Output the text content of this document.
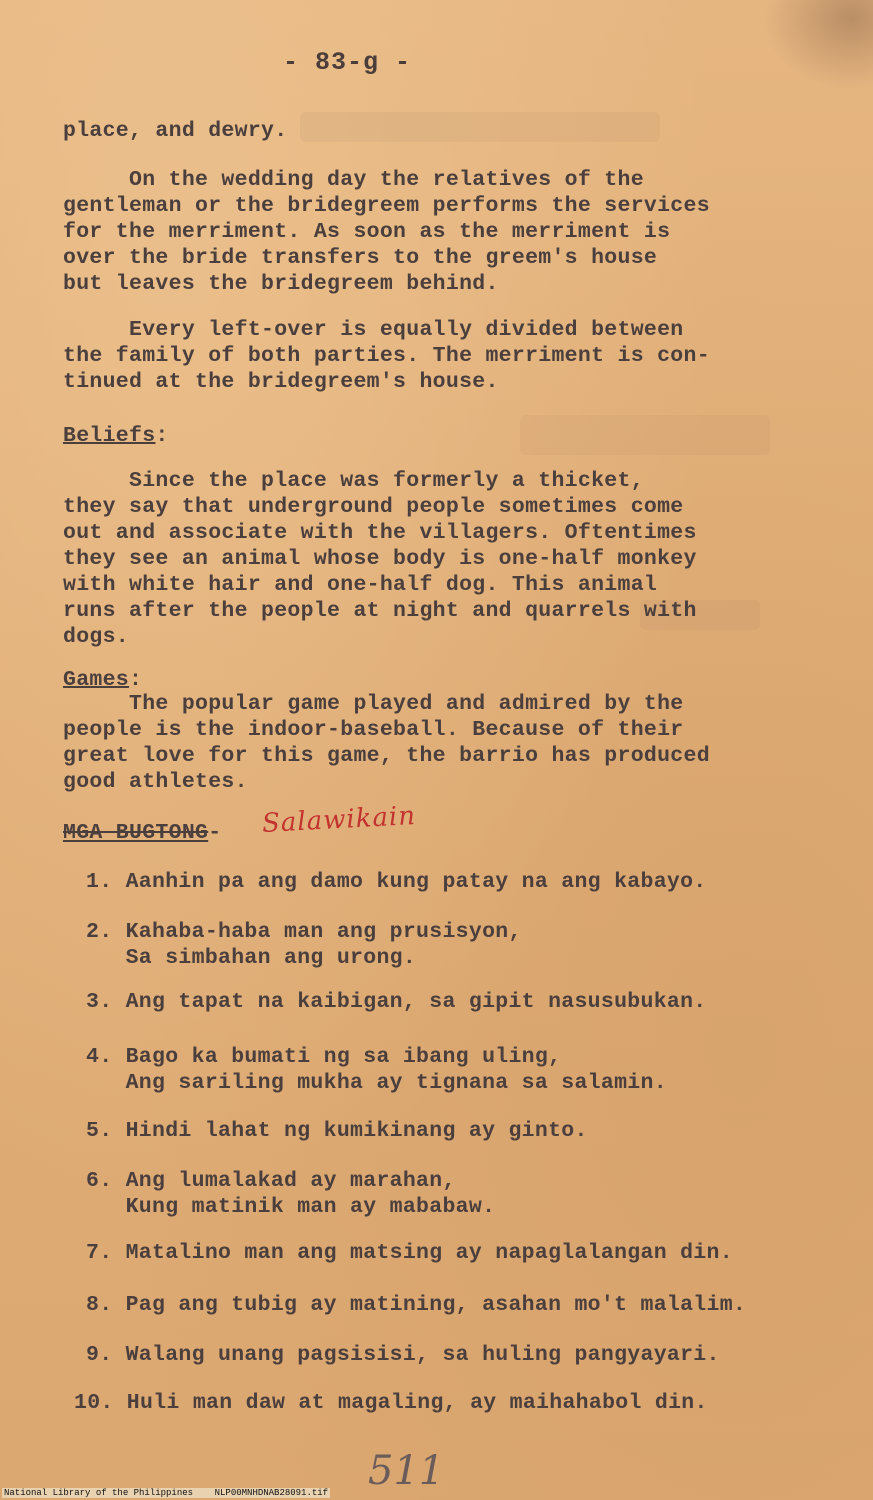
- 83-g -
place, and dewry.
On the wedding day the relatives of the
gentleman or the bridegreem performs the services
for the merriment. As soon as the merriment is
over the bride transfers to the greem's house
but leaves the bridegreem behind.
Every left-over is equally divided between
the family of both parties. The merriment is con-
tinued at the bridegreem's house.
Beliefs:
Since the place was formerly a thicket,
they say that underground people sometimes come
out and associate with the villagers. Oftentimes
they see an animal whose body is one-half monkey
with white hair and one-half dog. This animal
runs after the people at night and quarrels with
dogs.
Games:
The popular game played and admired by the
people is the indoor-baseball. Because of their
great love for this game, the barrio has produced
good athletes.
MGA BUGTONG- Salawikain
1. Aanhin pa ang damo kung patay na ang kabayo.
2. Kahaba-haba man ang prusisyon,
Sa simbahan ang urong.
3. Ang tapat na kaibigan, sa gipit nasusubukan.
4. Bago ka bumati ng sa ibang uling,
Ang sariling mukha ay tignana sa salamin.
5. Hindi lahat ng kumikinang ay ginto.
6. Ang lumalakad ay marahan,
Kung matinik man ay mababaw.
7. Matalino man ang matsing ay napaglalangan din.
8. Pag ang tubig ay matining, asahan mo't malalim.
9. Walang unang pagsisisi, sa huling pangyayari.
10. Huli man daw at magaling, ay maihahabol din.
511
National Library of the Philippines    NLP00MNHDNAB28091.tif
